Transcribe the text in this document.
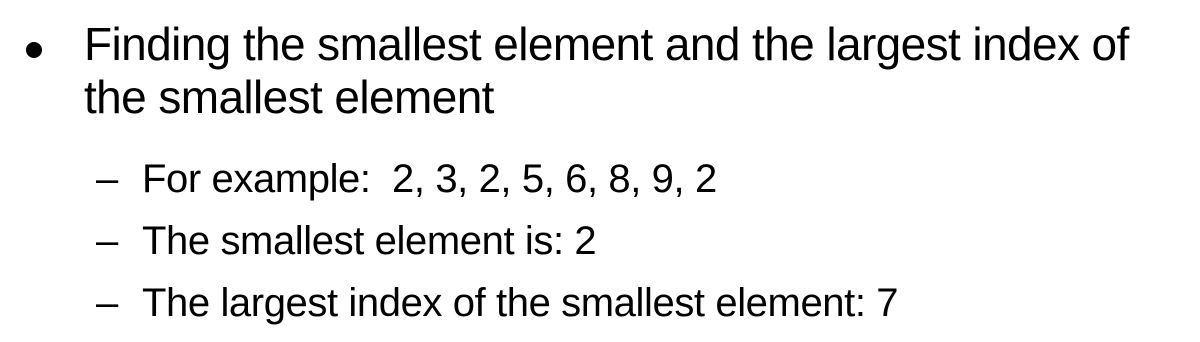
Finding the smallest element and the largest index of the smallest element
– For example:  2, 3, 2, 5, 6, 8, 9, 2
– The smallest element is: 2
– The largest index of the smallest element: 7
